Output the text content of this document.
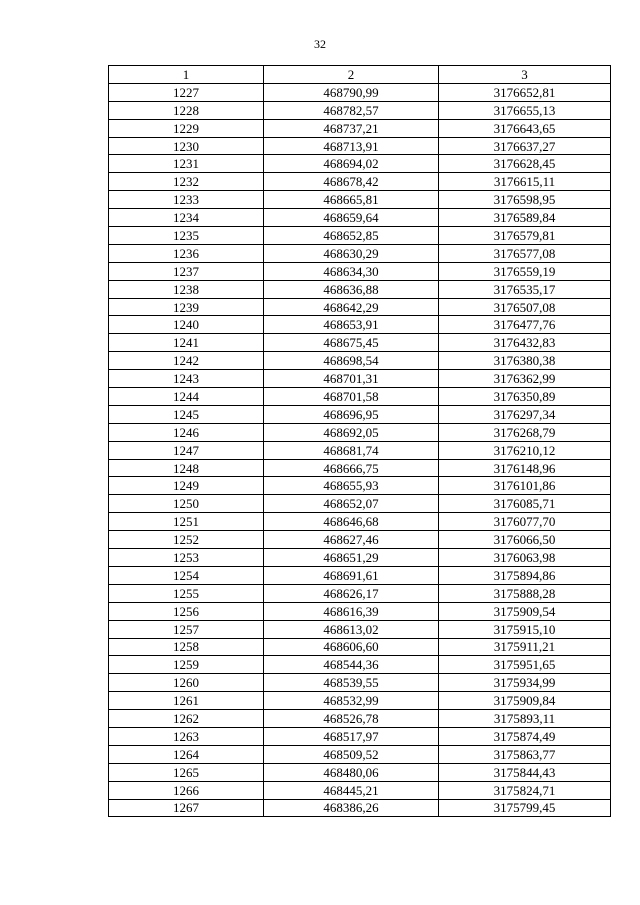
32
1	2	3
1227	468790,99	3176652,81
1228	468782,57	3176655,13
1229	468737,21	3176643,65
1230	468713,91	3176637,27
1231	468694,02	3176628,45
1232	468678,42	3176615,11
1233	468665,81	3176598,95
1234	468659,64	3176589,84
1235	468652,85	3176579,81
1236	468630,29	3176577,08
1237	468634,30	3176559,19
1238	468636,88	3176535,17
1239	468642,29	3176507,08
1240	468653,91	3176477,76
1241	468675,45	3176432,83
1242	468698,54	3176380,38
1243	468701,31	3176362,99
1244	468701,58	3176350,89
1245	468696,95	3176297,34
1246	468692,05	3176268,79
1247	468681,74	3176210,12
1248	468666,75	3176148,96
1249	468655,93	3176101,86
1250	468652,07	3176085,71
1251	468646,68	3176077,70
1252	468627,46	3176066,50
1253	468651,29	3176063,98
1254	468691,61	3175894,86
1255	468626,17	3175888,28
1256	468616,39	3175909,54
1257	468613,02	3175915,10
1258	468606,60	3175911,21
1259	468544,36	3175951,65
1260	468539,55	3175934,99
1261	468532,99	3175909,84
1262	468526,78	3175893,11
1263	468517,97	3175874,49
1264	468509,52	3175863,77
1265	468480,06	3175844,43
1266	468445,21	3175824,71
1267	468386,26	3175799,45
